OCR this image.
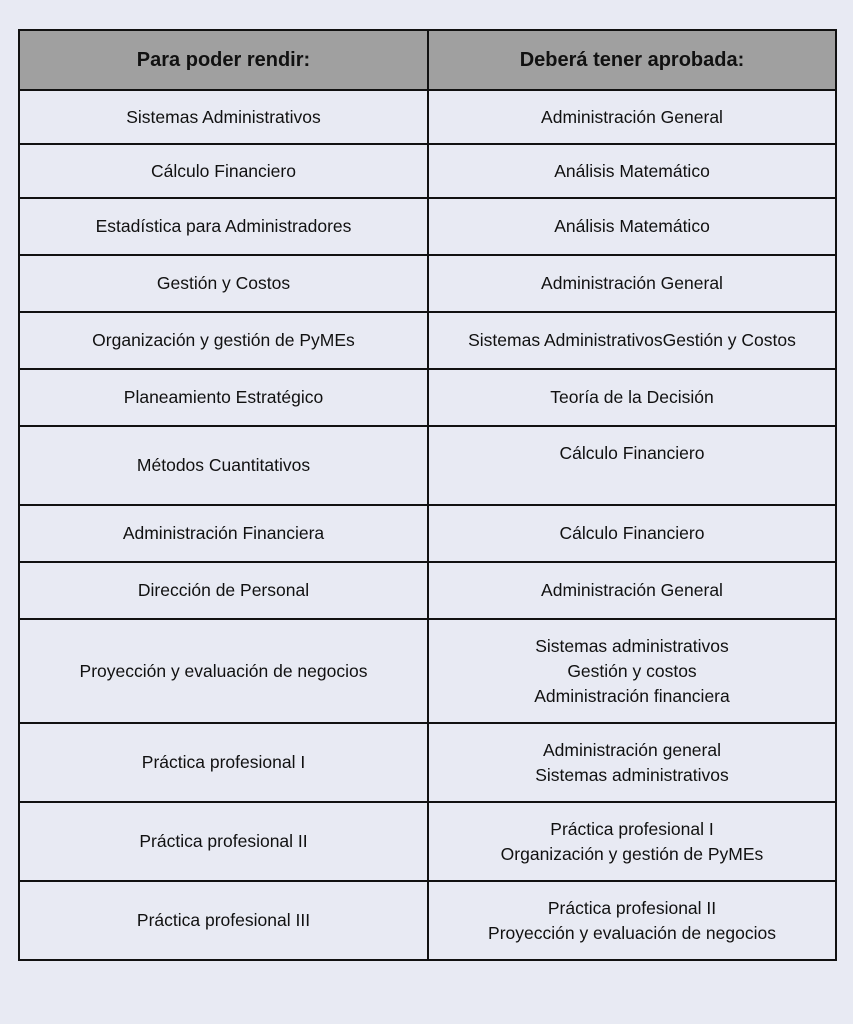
Para poder rendir:	Deberá tener aprobada:
Sistemas Administrativos	Administración General

Cálculo Financiero	Análisis Matemático

Estadística para Administradores	Análisis Matemático

Gestión y Costos	Administración General

Organización y gestión de PyMEs	Sistemas AdministrativosGestión y Costos

Planeamiento Estratégico	Teoría de la Decisión

Métodos Cuantitativos	Cálculo Financiero

Administración Financiera	Cálculo Financiero

Dirección de Personal	Administración General

Proyección y evaluación de negocios	Sistemas administrativos
Gestión y costos
Administración financiera

Práctica profesional I	Administración general
Sistemas administrativos

Práctica profesional II	Práctica profesional I
Organización y gestión de PyMEs

Práctica profesional III	Práctica profesional II
Proyección y evaluación de negocios
